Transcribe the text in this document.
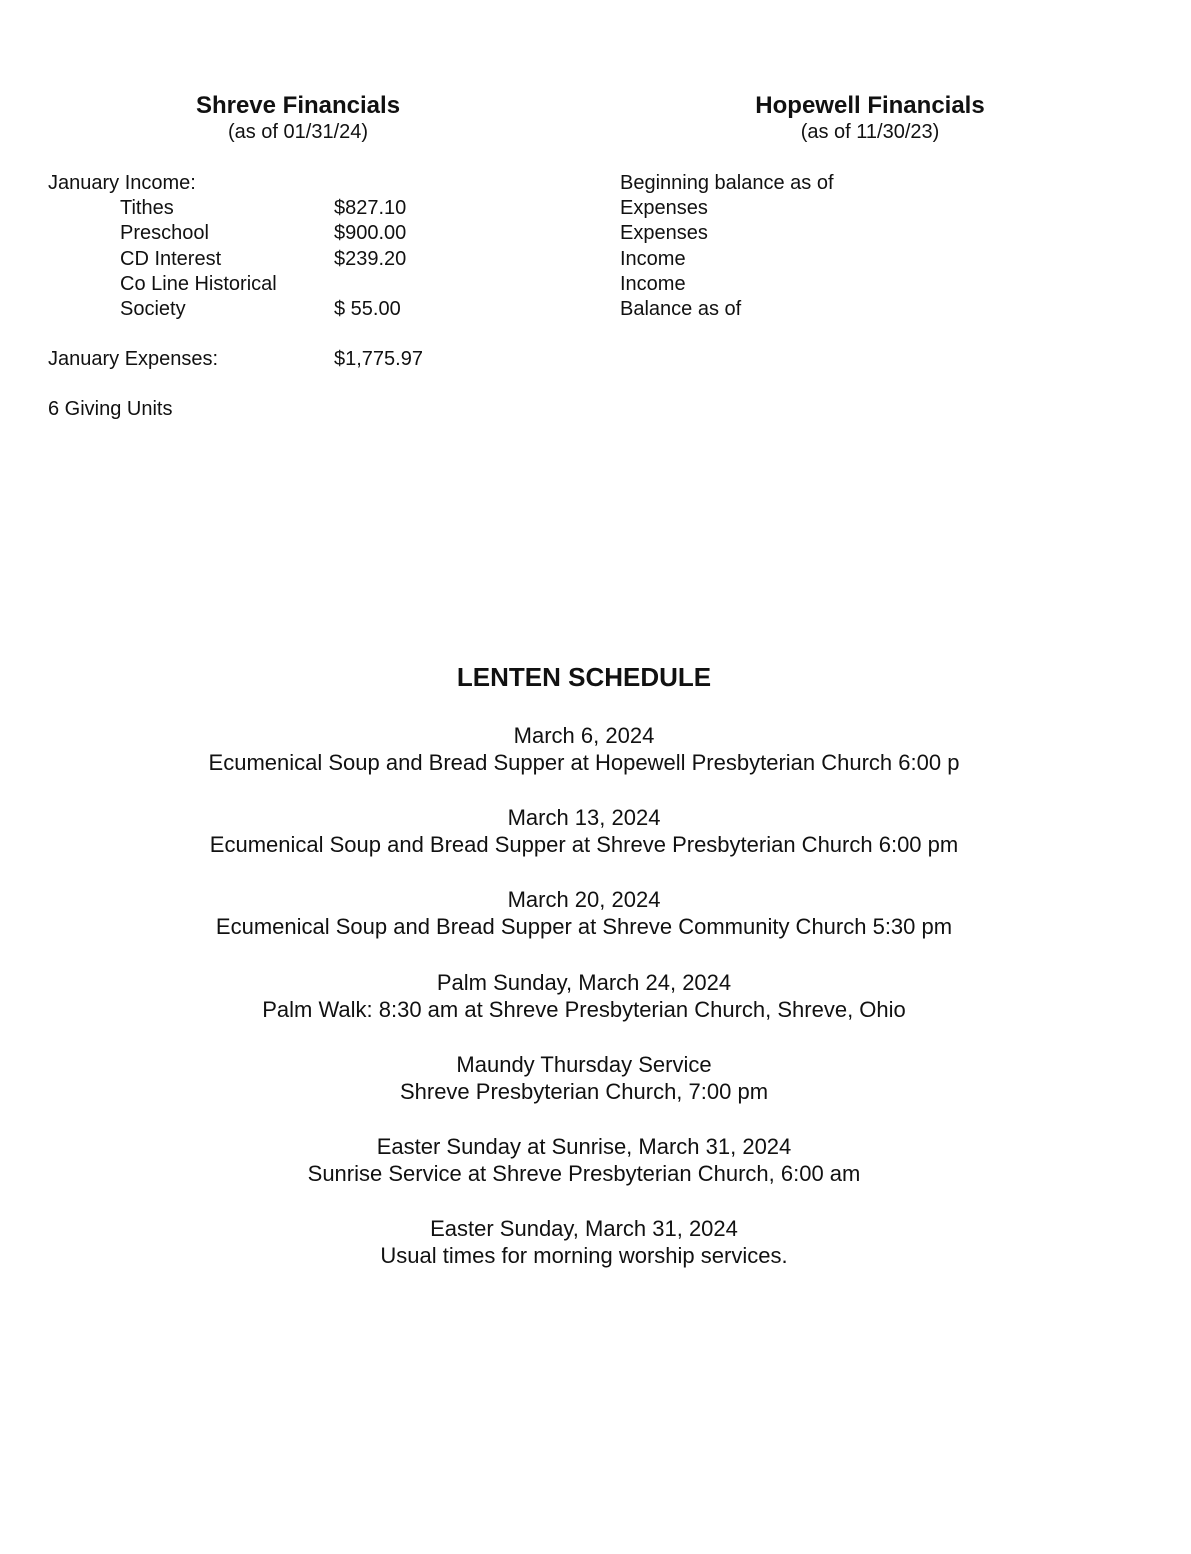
Shreve Financials
(as of 01/31/24)
January Income:
Tithes	$827.10
Preschool	$900.00
CD Interest	$239.20
Co Line Historical
Society	$ 55.00
January Expenses:	$1,775.97
6 Giving Units
Hopewell Financials
(as of 11/30/23)
Beginning balance as of
Expenses
Expenses
Income
Income
Balance as of
LENTEN SCHEDULE
March 6, 2024
Ecumenical Soup and Bread Supper at Hopewell Presbyterian Church 6:00 p
March 13, 2024
Ecumenical Soup and Bread Supper at Shreve Presbyterian Church 6:00 pm
March 20, 2024
Ecumenical Soup and Bread Supper at Shreve Community Church 5:30 pm
Palm Sunday, March 24, 2024
Palm Walk: 8:30 am at Shreve Presbyterian Church, Shreve, Ohio
Maundy Thursday Service
Shreve Presbyterian Church, 7:00 pm
Easter Sunday at Sunrise, March 31, 2024
Sunrise Service at Shreve Presbyterian Church, 6:00 am
Easter Sunday, March 31, 2024
Usual times for morning worship services.
